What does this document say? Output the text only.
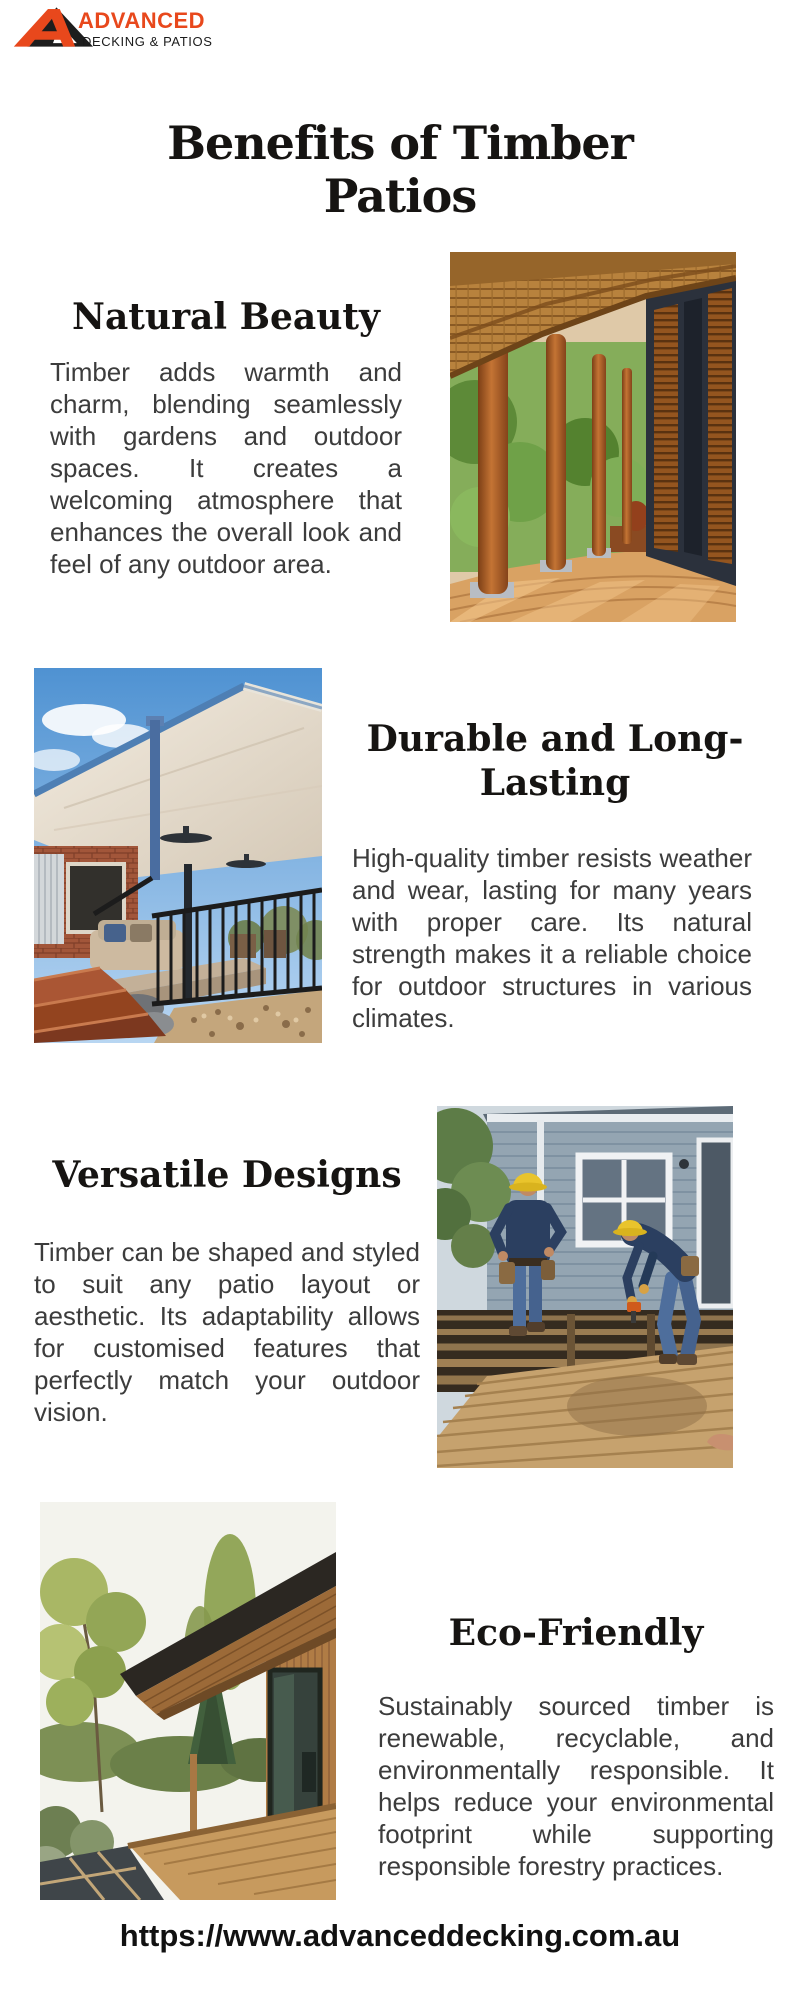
ADVANCED
DECKING & PATIOS
Benefits of Timber Patios
Natural Beauty

Timber adds warmth and charm, blending seamlessly with gardens and outdoor spaces. It creates a welcoming atmosphere that enhances the overall look and feel of any outdoor area.

Durable and Long-Lasting

High-quality timber resists weather and wear, lasting for many years with proper care. Its natural strength makes it a reliable choice for outdoor structures in various climates.

Versatile Designs

Timber can be shaped and styled to suit any patio layout or aesthetic. Its adaptability allows for customised features that perfectly match your outdoor vision.

Eco-Friendly

Sustainably sourced timber is renewable, recyclable, and environmentally responsible. It helps reduce your environmental footprint while supporting responsible forestry practices.

https://www.advanceddecking.com.au
